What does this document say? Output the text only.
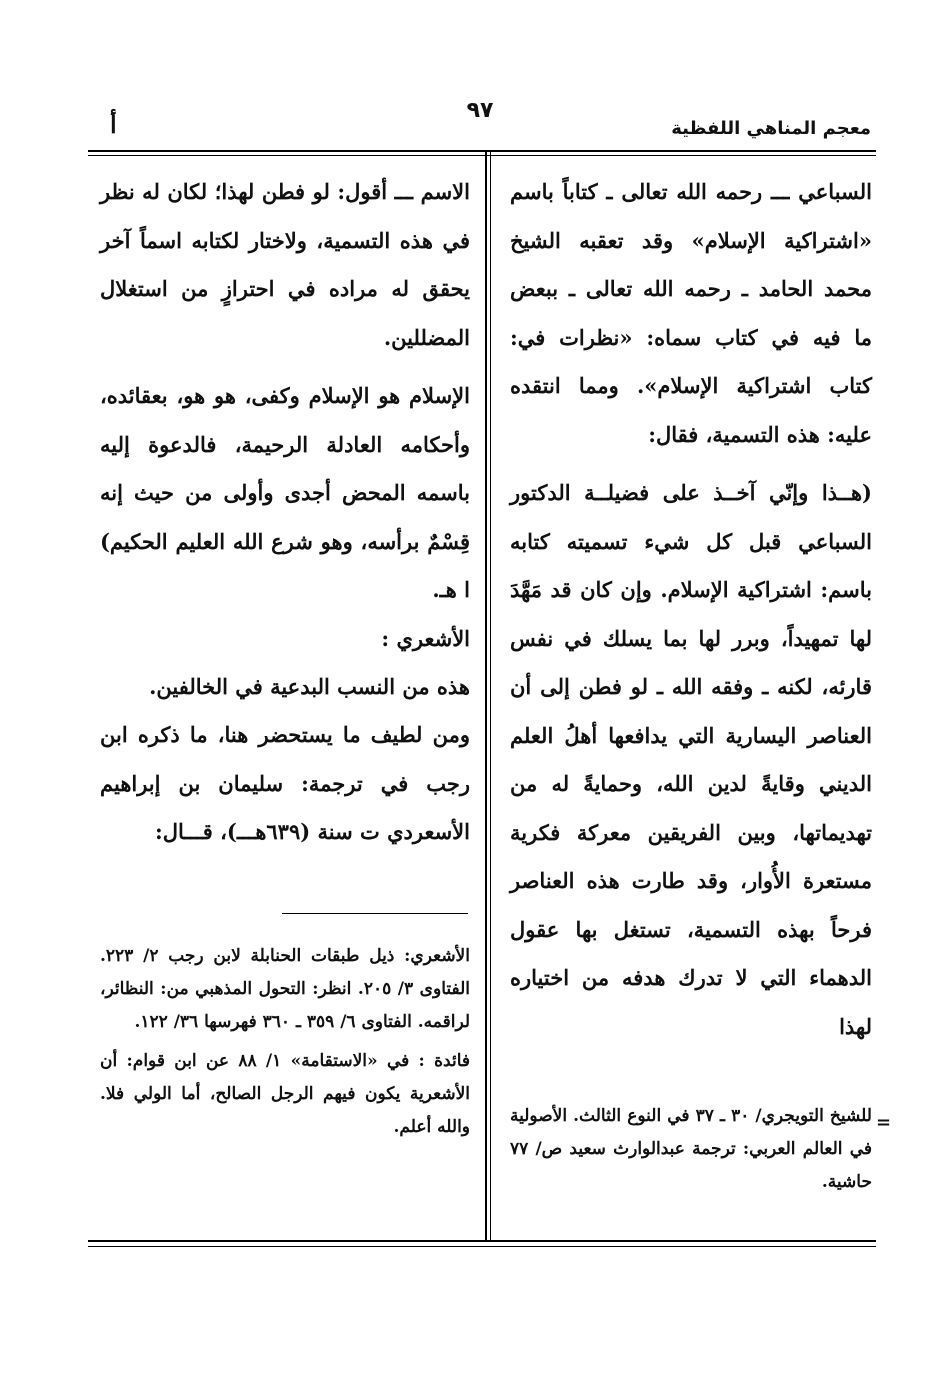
٩٧
معجم المناهي اللفظية
أ

السباعي ـــ رحمه الله تعالى ـ كتاباً باسم «اشتراكية الإسلام» وقد تعقبه الشيخ محمد الحامد ـ رحمه الله تعالى ـ ببعض ما فيه في كتاب سماه: «نظرات في: كتاب اشتراكية الإسلام». ومما انتقده عليه: هذه التسمية، فقال:

(هــذا وإنّي آخــذ على فضيلــة الدكتور السباعي قبل كل شيء تسميته كتابه باسم: اشتراكية الإسلام. وإن كان قد مَهَّدَ لها تمهيداً، وبرر لها بما يسلك في نفس قارئه، لكنه ـ وفقه الله ـ لو فطن إلى أن العناصر اليسارية التي يدافعها أهلُ العلم الديني وقايةً لدين الله، وحمايةً له من تهديماتها، وبين الفريقين معركة فكرية مستعرة الأُوار، وقد طارت هذه العناصر فرحاً بهذه التسمية، تستغل بها عقول الدهماء التي لا تدرك هدفه من اختياره لهذا

الاسم ـــ أقول: لو فطن لهذا؛ لكان له نظر في هذه التسمية، ولاختار لكتابه اسماً آخر يحقق له مراده في احترازٍ من استغلال المضللين.

الإسلام هو الإسلام وكفى، هو هو، بعقائده، وأحكامه العادلة الرحيمة، فالدعوة إليه باسمه المحض أجدى وأولى من حيث إنه قِسْمٌ برأسه، وهو شرع الله العليم الحكيم) ا هـ.

الأشعري :

هذه من النسب البدعية في الخالفين.

ومن لطيف ما يستحضر هنا، ما ذكره ابن رجب في ترجمة: سليمان بن إبراهيم الأسعردي ت سنة (٦٣٩هـــ)، قـــال:

الأشعري: ذيل طبقات الحنابلة لابن رجب ٢/ ٢٢٣. الفتاوى ٣/ ٢٠٥. انظر: التحول المذهبي من: النظائر، لراقمه. الفتاوى ٦/ ٣٥٩ ـ ٣٦٠ فهرسها ٣٦/ ١٢٢.

فائدة : في «الاستقامة» ١/ ٨٨ عن ابن قوام: أن الأشعرية يكون فيهم الرجل الصالح، أما الولي فلا. والله أعلم.	=

للشيخ التويجري/ ٣٠ ـ ٣٧ في النوع الثالث. الأصولية في العالم العربي: ترجمة عبدالوارث سعيد ص/ ٧٧ حاشية.
